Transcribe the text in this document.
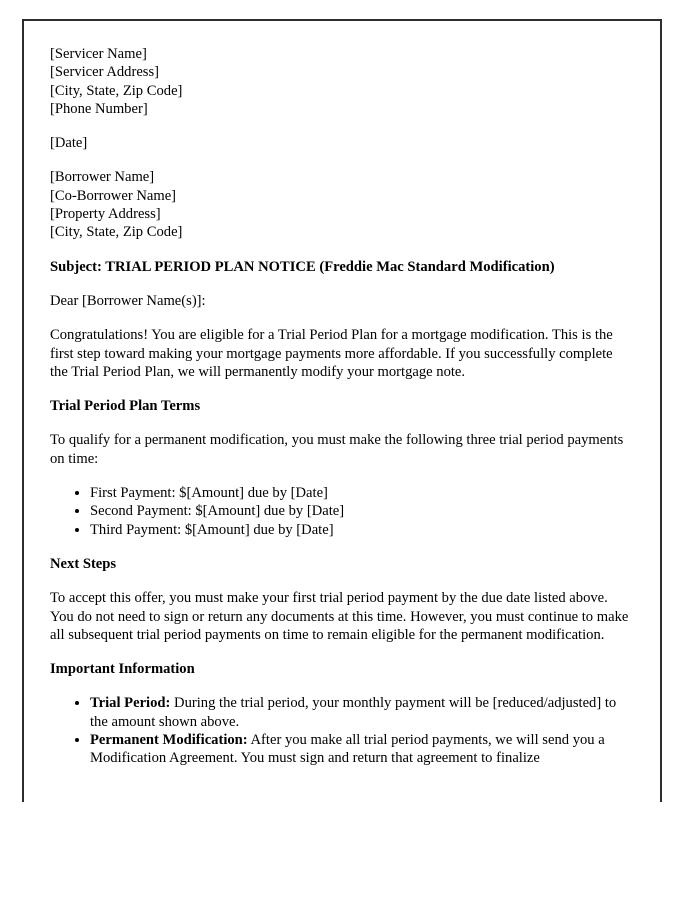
[Servicer Name]
[Servicer Address]
[City, State, Zip Code]
[Phone Number]

[Date]

[Borrower Name]
[Co-Borrower Name]
[Property Address]
[City, State, Zip Code]

Subject: TRIAL PERIOD PLAN NOTICE (Freddie Mac Standard Modification)

Dear [Borrower Name(s)]:

Congratulations! You are eligible for a Trial Period Plan for a mortgage modification. This is the first step toward making your mortgage payments more affordable. If you successfully complete the Trial Period Plan, we will permanently modify your mortgage note.

Trial Period Plan Terms

To qualify for a permanent modification, you must make the following three trial period payments on time:

• First Payment: $[Amount] due by [Date]
• Second Payment: $[Amount] due by [Date]
• Third Payment: $[Amount] due by [Date]
Next Steps

To accept this offer, you must make your first trial period payment by the due date listed above. You do not need to sign or return any documents at this time. However, you must continue to make all subsequent trial period payments on time to remain eligible for the permanent modification.

Important Information
• Trial Period: During the trial period, your monthly payment will be [reduced/adjusted] to the amount shown above.
• Permanent Modification: After you make all trial period payments, we will send you a Modification Agreement. You must sign and return that agreement to finalize
